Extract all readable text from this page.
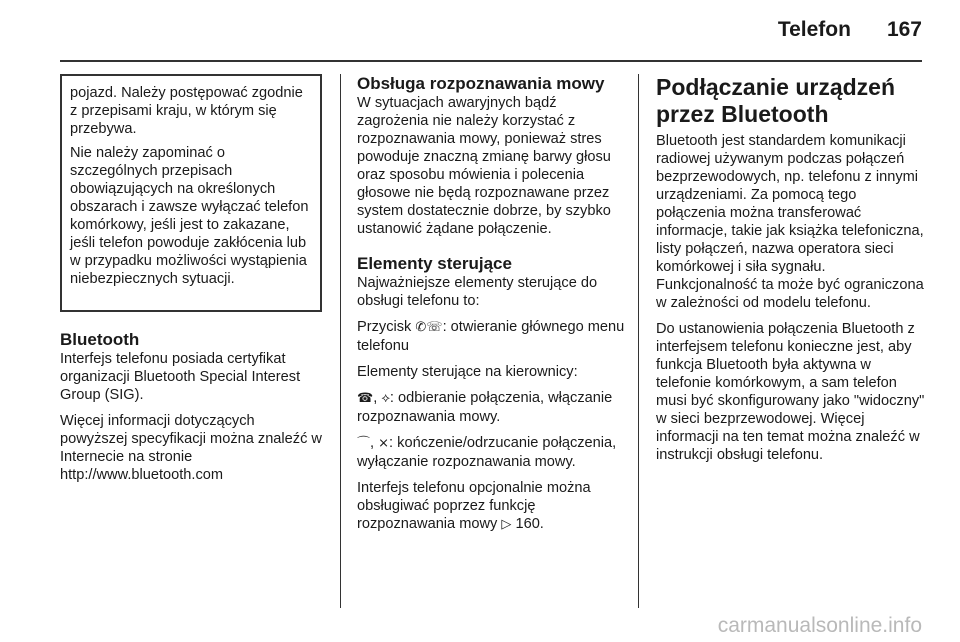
Telefon 167

pojazd. Należy postępować zgodnie z przepisami kraju, w którym się przebywa.

Nie należy zapominać o szczególnych przepisach obowiązujących na określonych obszarach i zawsze wyłączać telefon komórkowy, jeśli jest to zakazane, jeśli telefon powoduje zakłócenia lub w przypadku możliwości wystąpienia niebezpiecznych sytuacji.

Bluetooth

Interfejs telefonu posiada certyfikat organizacji Bluetooth Special Interest Group (SIG).

Więcej informacji dotyczących powyższej specyfikacji można znaleźć w Internecie na stronie http://www.bluetooth.com

Obsługa rozpoznawania mowy

W sytuacjach awaryjnych bądź zagrożenia nie należy korzystać z rozpoznawania mowy, ponieważ stres powoduje znaczną zmianę barwy głosu oraz sposobu mówienia i polecenia głosowe nie będą rozpoznawane przez system dostatecznie dobrze, by szybko ustanowić żądane połączenie.

Elementy sterujące

Najważniejsze elementy sterujące do obsługi telefonu to:

Przycisk ✆☏: otwieranie głównego menu telefonu

Elementy sterujące na kierownicy:

☎, ⟡: odbieranie połączenia, włączanie rozpoznawania mowy.

⌒, ⨯: kończenie/odrzucanie połączenia, wyłączanie rozpoznawania mowy.

Interfejs telefonu opcjonalnie można obsługiwać poprzez funkcję rozpoznawania mowy ▷ 160.

Podłączanie urządzeń przez Bluetooth

Bluetooth jest standardem komunikacji radiowej używanym podczas połączeń bezprzewodowych, np. telefonu z innymi urządzeniami. Za pomocą tego połączenia można transferować informacje, takie jak książka telefoniczna, listy połączeń, nazwa operatora sieci komórkowej i siła sygnału. Funkcjonalność ta może być ograniczona w zależności od modelu telefonu.

Do ustanowienia połączenia Bluetooth z interfejsem telefonu konieczne jest, aby funkcja Bluetooth była aktywna w telefonie komórkowym, a sam telefon musi być skonfigurowany jako "widoczny" w sieci bezprzewodowej. Więcej informacji na ten temat można znaleźć w instrukcji obsługi telefonu.

carmanualsonline.info
